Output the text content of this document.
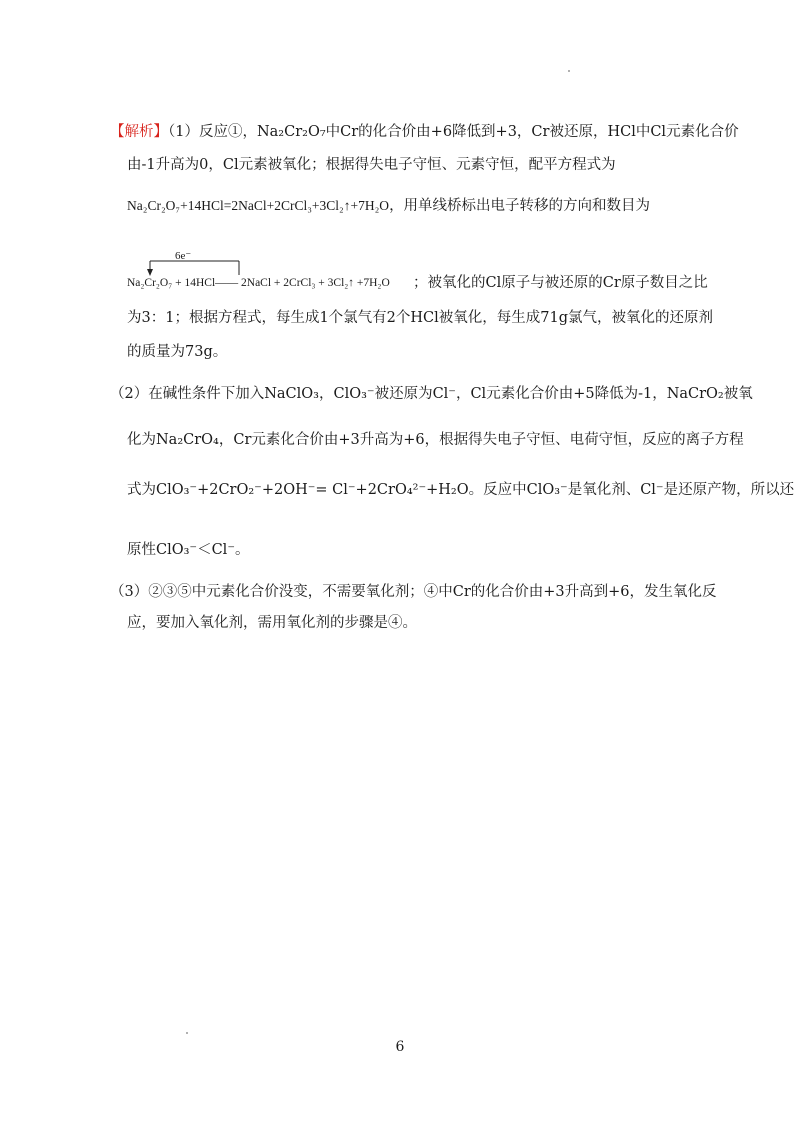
【解析】（1）反应①，Na₂Cr₂O₇中Cr的化合价由+6降低到+3，Cr被还原，HCl中Cl元素化合价
由-1升高为0，Cl元素被氧化；根据得失电子守恒、元素守恒，配平方程式为
Na₂Cr₂O₇+14HCl=2NaCl+2CrCl₃+3Cl₂↑+7H₂O，用单线桥标出电子转移的方向和数目为
6e⁻
Na₂Cr₂O₇ + 14HCl—— 2NaCl + 2CrCl₃ + 3Cl₂↑ +7H₂O ；被氧化的Cl原子与被还原的Cr原子数目之比
为3：1；根据方程式，每生成1个氯气有2个HCl被氧化，每生成71g氯气，被氧化的还原剂
的质量为73g。
（2）在碱性条件下加入NaClO₃，ClO₃⁻被还原为Cl⁻，Cl元素化合价由+5降低为-1，NaCrO₂被氧
化为Na₂CrO₄，Cr元素化合价由+3升高为+6，根据得失电子守恒、电荷守恒，反应的离子方程
式为ClO₃⁻+2CrO₂⁻+2OH⁻= Cl⁻+2CrO₄²⁻+H₂O。反应中ClO₃⁻是氧化剂、Cl⁻是还原产物，所以还
原性ClO₃⁻＜Cl⁻。
（3）②③⑤中元素化合价没变，不需要氧化剂；④中Cr的化合价由+3升高到+6，发生氧化反
应，要加入氧化剂，需用氧化剂的步骤是④。
6
